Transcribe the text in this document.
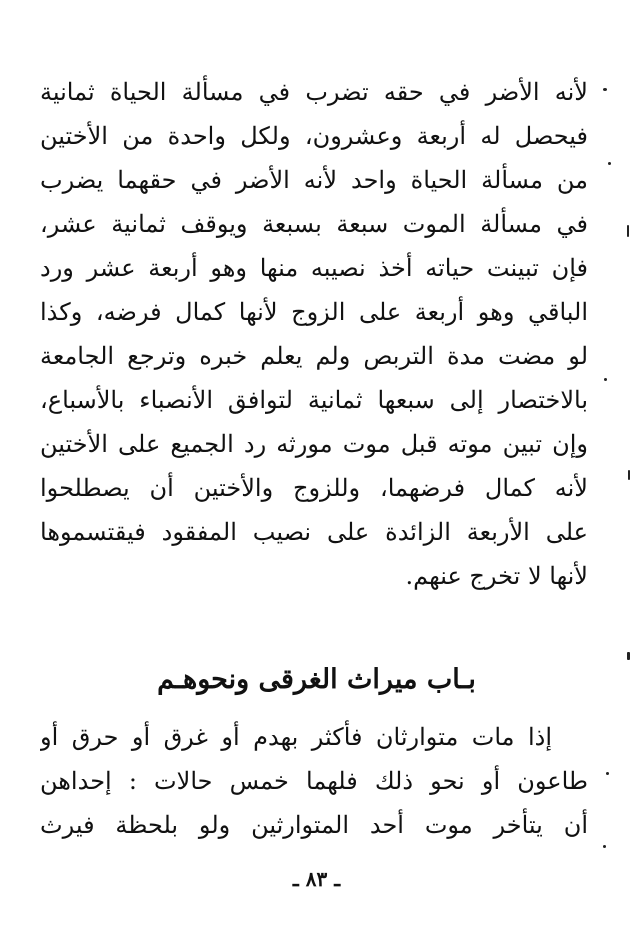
لأنه الأضر في حقه تضرب في مسألة الحياة ثمانية
فيحصل له أربعة وعشرون، ولكل واحدة من الأختين
من مسألة الحياة واحد لأنه الأضر في حقهما يضرب
في مسألة الموت سبعة بسبعة ويوقف ثمانية عشر،
فإن تبينت حياته أخذ نصيبه منها وهو أربعة عشر ورد
الباقي وهو أربعة على الزوج لأنها كمال فرضه، وكذا
لو مضت مدة التربص ولم يعلم خبره وترجع الجامعة
بالاختصار إلى سبعها ثمانية لتوافق الأنصباء بالأسباع،
وإن تبين موته قبل موت مورثه رد الجميع على الأختين
لأنه كمال فرضهما، وللزوج والأختين أن يصطلحوا
على الأربعة الزائدة على نصيب المفقود فيقتسموها
لأنها لا تخرج عنهم.
بـاب ميراث الغرقى ونحوهـم
إذا مات متوارثان فأكثر بهدم أو غرق أو حرق أو
طاعون أو نحو ذلك فلهما خمس حالات : إحداهن
أن يتأخر موت أحد المتوارثين ولو بلحظة فيرث
ـ ٨٣ ـ
